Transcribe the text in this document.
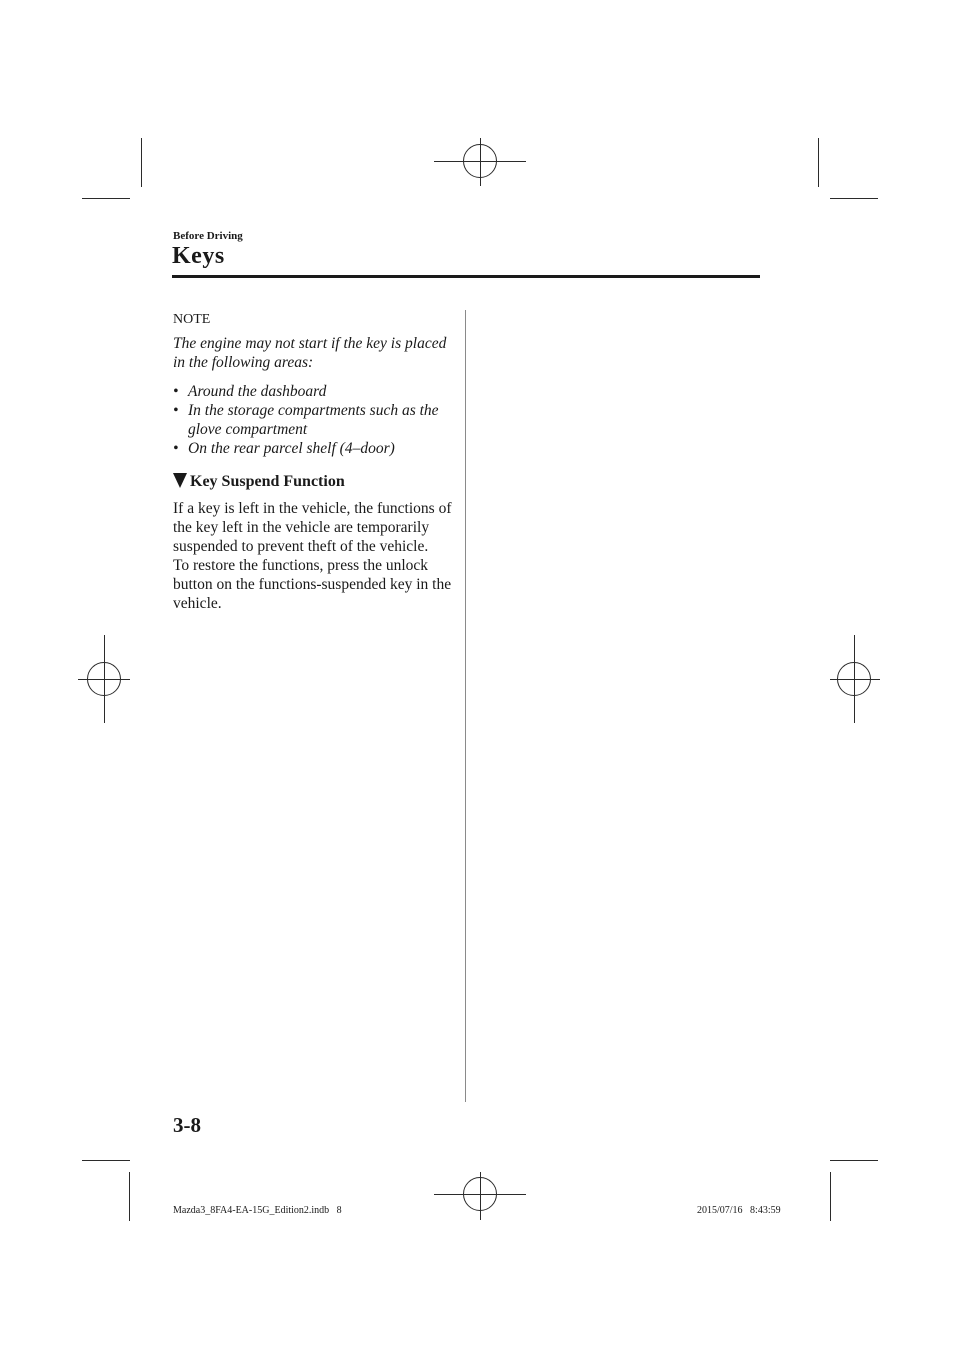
Before Driving
Keys
NOTE

The engine may not start if the key is placed in the following areas:

• Around the dashboard
• In the storage compartments such as the glove compartment
• On the rear parcel shelf (4–door)
Key Suspend Function

If a key is left in the vehicle, the functions of the key left in the vehicle are temporarily suspended to prevent theft of the vehicle.
To restore the functions, press the unlock button on the functions-suspended key in the vehicle.

3-8
Mazda3_8FA4-EA-15G_Edition2.indb   8	2015/07/16   8:43:59
